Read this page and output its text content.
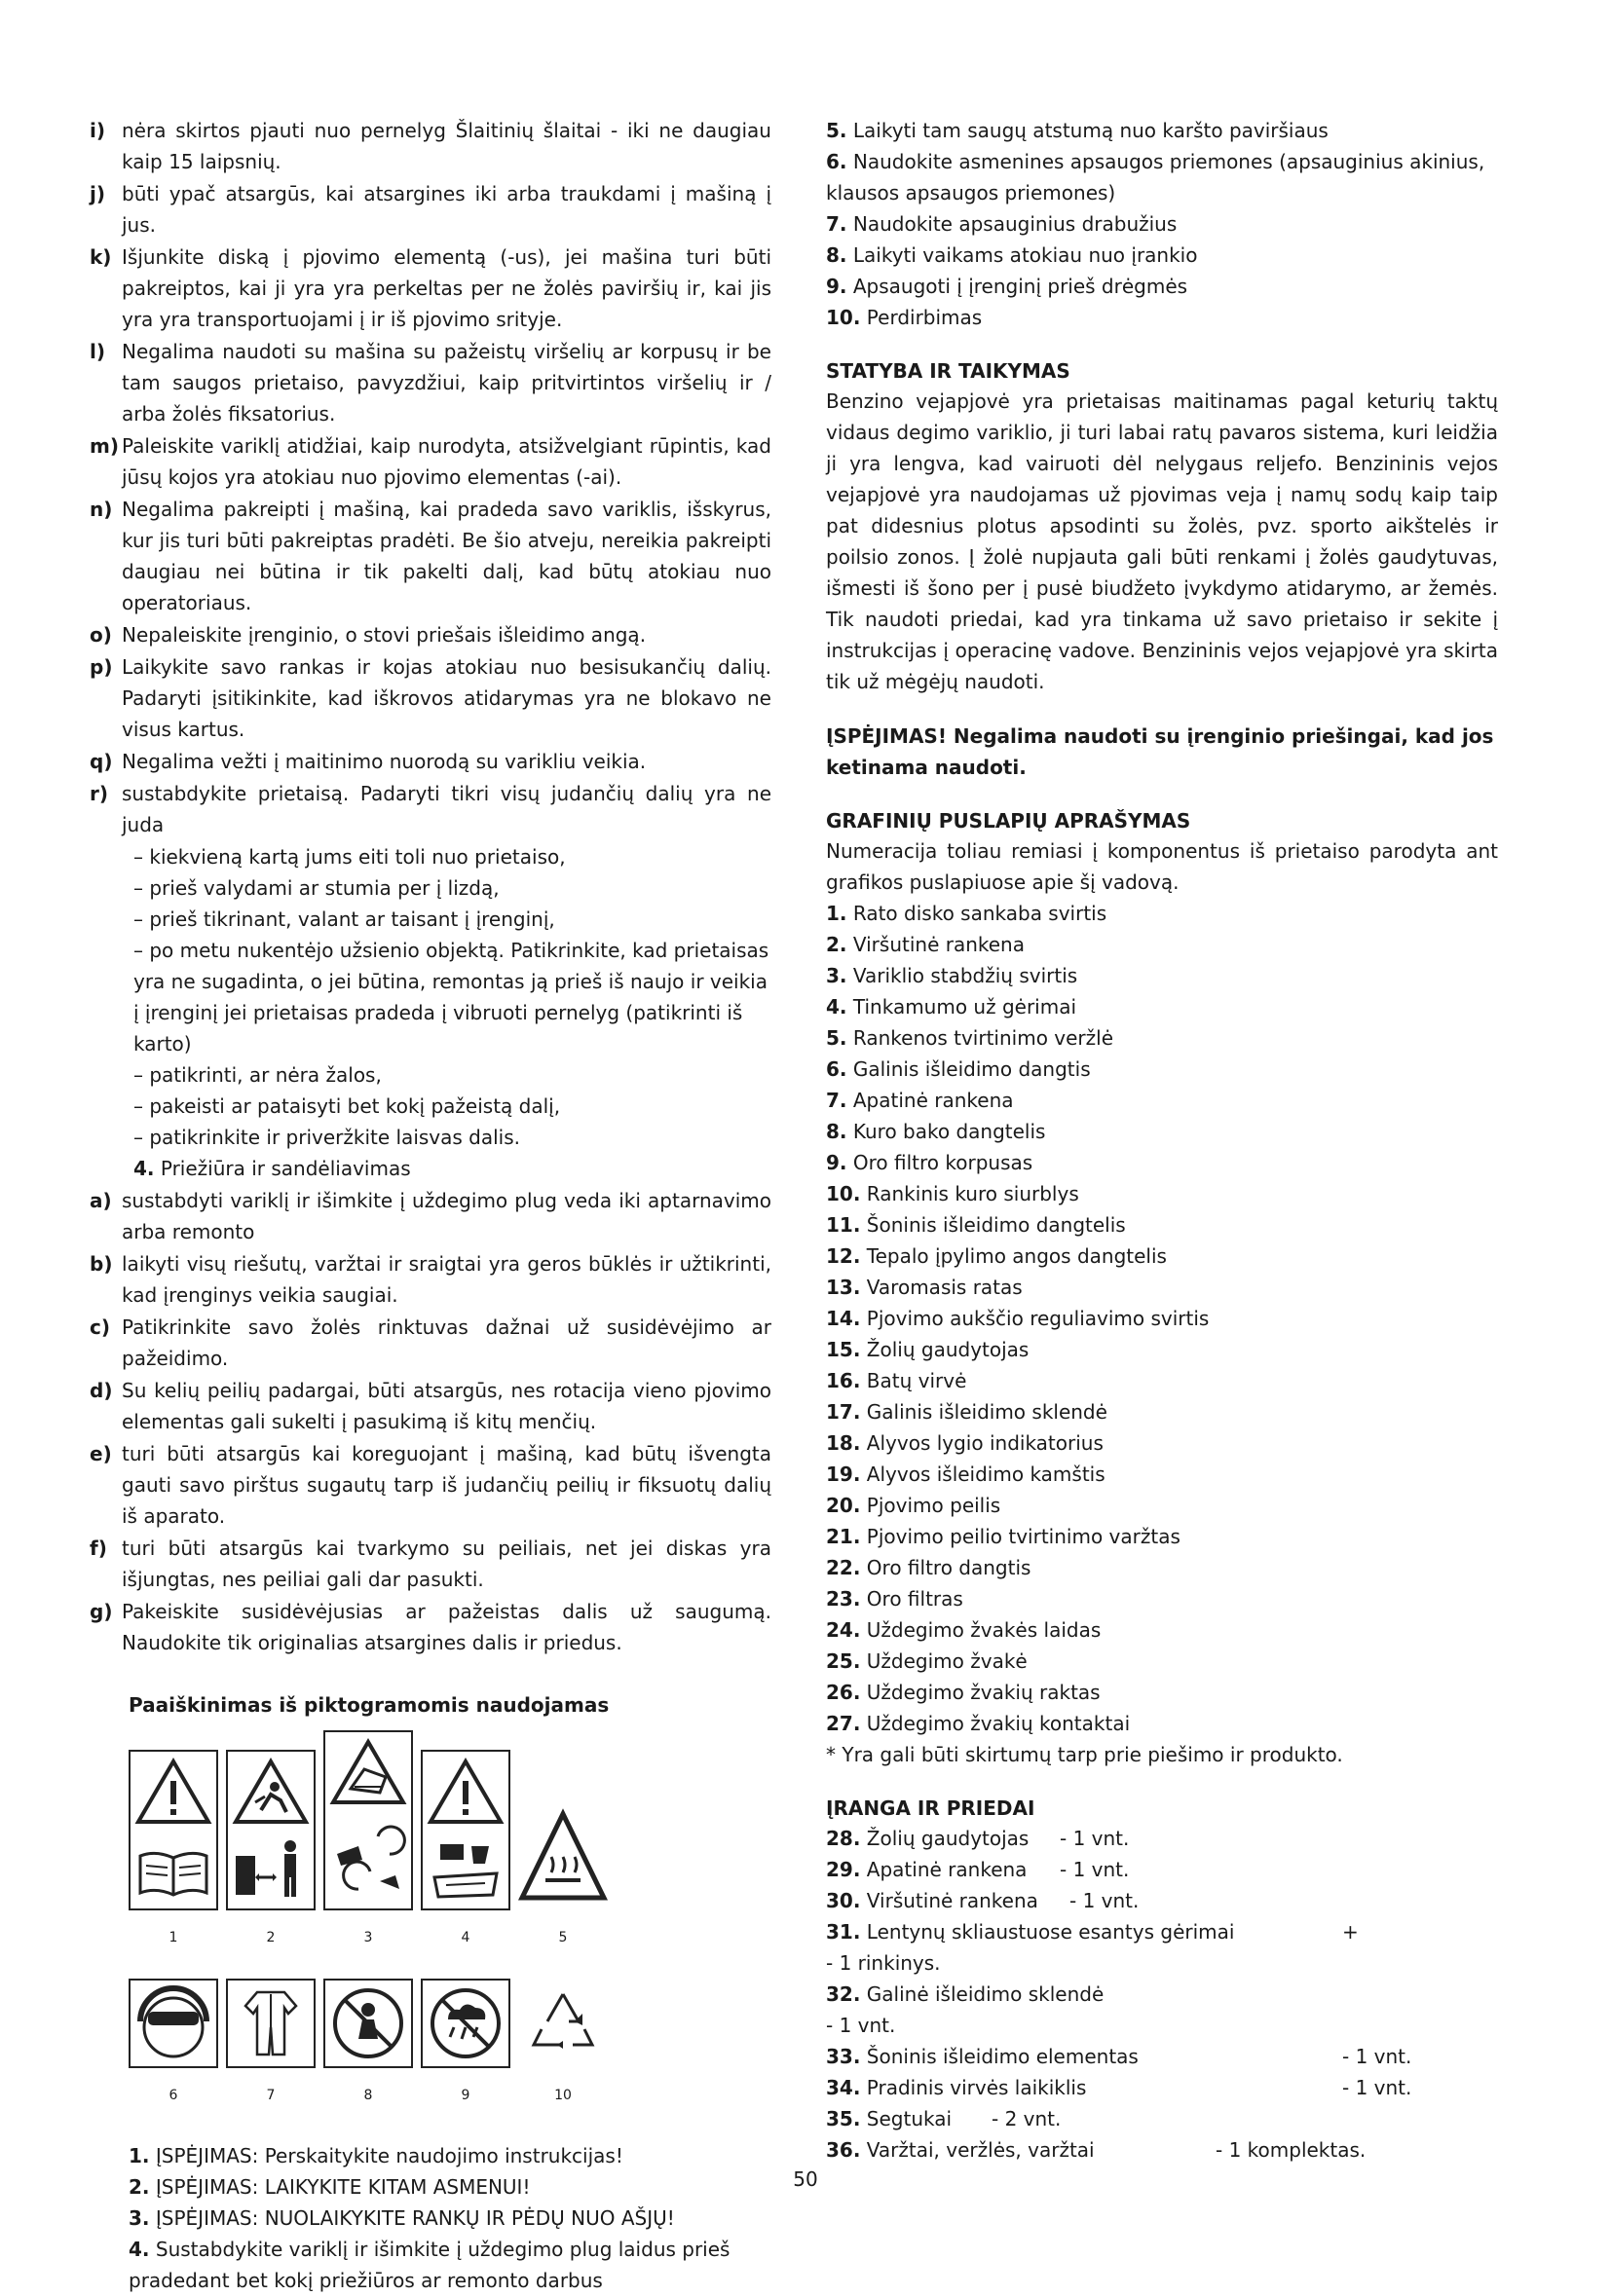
i) nėra skirtos pjauti nuo pernelyg Šlaitinių šlaitai - iki ne daugiau kaip 15 laipsnių.
j) būti ypač atsargūs, kai atsargines iki arba traukdami į mašiną į jus.
k) Išjunkite diską į pjovimo elementą (-us), jei mašina turi būti pakreiptos, kai ji yra yra perkeltas per ne žolės paviršių ir, kai jis yra yra transportuojami į ir iš pjovimo srityje.
l) Negalima naudoti su mašina su pažeistų viršelių ar korpusų ir be tam saugos prietaiso, pavyzdžiui, kaip pritvirtintos viršelių ir / arba žolės fiksatorius.
m) Paleiskite variklį atidžiai, kaip nurodyta, atsižvelgiant rūpintis, kad jūsų kojos yra atokiau nuo pjovimo elementas (-ai).
n) Negalima pakreipti į mašiną, kai pradeda savo variklis, išskyrus, kur jis turi būti pakreiptas pradėti. Be šio atveju, nereikia pakreipti daugiau nei būtina ir tik pakelti dalį, kad būtų atokiau nuo operatoriaus.
o) Nepaleiskite įrenginio, o stovi priešais išleidimo angą.
p) Laikykite savo rankas ir kojas atokiau nuo besisukančių dalių. Padaryti įsitikinkite, kad iškrovos atidarymas yra ne blokavo ne visus kartus.
q) Negalima vežti į maitinimo nuorodą su varikliu veikia.
r) sustabdykite prietaisą. Padaryti tikri visų judančių dalių yra ne juda
– kiekvieną kartą jums eiti toli nuo prietaiso,
– prieš valydami ar stumia per į lizdą,
– prieš tikrinant, valant ar taisant į įrenginį,
– po metu nukentėjo užsienio objektą. Patikrinkite, kad prietaisas yra ne sugadinta, o jei būtina, remontas ją prieš iš naujo ir veikia į įrenginį jei prietaisas pradeda į vibruoti pernelyg (patikrinti iš karto)
– patikrinti, ar nėra žalos,
– pakeisti ar pataisyti bet kokį pažeistą dalį,
– patikrinkite ir priveržkite laisvas dalis.
4. Priežiūra ir sandėliavimas
a) sustabdyti variklį ir išimkite į uždegimo plug veda iki aptarnavimo arba remonto
b) laikyti visų riešutų, varžtai ir sraigtai yra geros būklės ir užtikrinti, kad įrenginys veikia saugiai.
c) Patikrinkite savo žolės rinktuvas dažnai už susidėvėjimo ar pažeidimo.
d) Su kelių peilių padargai, būti atsargūs, nes rotacija vieno pjovimo elementas gali sukelti į pasukimą iš kitų menčių.
e) turi būti atsargūs kai koreguojant į mašiną, kad būtų išvengta gauti savo pirštus sugautų tarp iš judančių peilių ir fiksuotų dalių iš aparato.
f) turi būti atsargūs kai tvarkymo su peiliais, net jei diskas yra išjungtas, nes peiliai gali dar pasukti.
g) Pakeiskite susidėvėjusias ar pažeistas dalis už saugumą. Naudokite tik originalias atsargines dalis ir priedus.
Paaiškinimas iš piktogramomis naudojamas
1	2	3	4	5
6	7	8	9	10
1. ĮSPĖJIMAS: Perskaitykite naudojimo instrukcijas!
2. ĮSPĖJIMAS: LAIKYKITE KITAM ASMENUI!
3. ĮSPĖJIMAS: NUOLAIKYKITE RANKŲ IR PĖDŲ NUO AŠJŲ!
4. Sustabdykite variklį ir išimkite į uždegimo plug laidus prieš pradedant bet kokį priežiūros ar remonto darbus
5. Laikyti tam saugų atstumą nuo karšto paviršiaus
6. Naudokite asmenines apsaugos priemones (apsauginius akinius, klausos apsaugos priemones)
7. Naudokite apsauginius drabužius
8. Laikyti vaikams atokiau nuo įrankio
9. Apsaugoti į įrenginį prieš drėgmės
10. Perdirbimas
STATYBA IR TAIKYMAS
Benzino vejapjovė yra prietaisas maitinamas pagal keturių taktų vidaus degimo variklio, ji turi labai ratų pavaros sistema, kuri leidžia ji yra lengva, kad vairuoti dėl nelygaus reljefo. Benzininis vejos vejapjovė yra naudojamas už pjovimas veja į namų sodų kaip taip pat didesnius plotus apsodinti su žolės, pvz. sporto aikštelės ir poilsio zonos. Į žolė nupjauta gali būti renkami į žolės gaudytuvas, išmesti iš šono per į pusė biudžeto įvykdymo atidarymo, ar žemės. Tik naudoti priedai, kad yra tinkama už savo prietaiso ir sekite į instrukcijas į operacinę vadove. Benzininis vejos vejapjovė yra skirta tik už mėgėjų naudoti.
ĮSPĖJIMAS! Negalima naudoti su įrenginio priešingai, kad jos ketinama naudoti.
GRAFINIŲ PUSLAPIŲ APRAŠYMAS
Numeracija toliau remiasi į komponentus iš prietaiso parodyta ant grafikos puslapiuose apie šį vadovą.
1. Rato disko sankaba svirtis
2. Viršutinė rankena
3. Variklio stabdžių svirtis
4. Tinkamumo už gėrimai
5. Rankenos tvirtinimo veržlė
6. Galinis išleidimo dangtis
7. Apatinė rankena
8. Kuro bako dangtelis
9. Oro filtro korpusas
10. Rankinis kuro siurblys
11. Šoninis išleidimo dangtelis
12. Tepalo įpylimo angos dangtelis
13. Varomasis ratas
14. Pjovimo aukščio reguliavimo svirtis
15. Žolių gaudytojas
16. Batų virvė
17. Galinis išleidimo sklendė
18. Alyvos lygio indikatorius
19. Alyvos išleidimo kamštis
20. Pjovimo peilis
21. Pjovimo peilio tvirtinimo varžtas
22. Oro filtro dangtis
23. Oro filtras
24. Uždegimo žvakės laidas
25. Uždegimo žvakė
26. Uždegimo žvakių raktas
27. Uždegimo žvakių kontaktai
* Yra gali būti skirtumų tarp prie piešimo ir produkto.
ĮRANGA IR PRIEDAI
28. Žolių gaudytojas - 1 vnt.
29. Apatinė rankena - 1 vnt.
30. Viršutinė rankena - 1 vnt.
31. Lentynų skliaustuose esantys gėrimai	+
- 1 rinkinys.
32. Galinė išleidimo sklendė
- 1 vnt.
33. Šoninis išleidimo elementas	- 1 vnt.
34. Pradinis virvės laikiklis	- 1 vnt.
35. Segtukai - 2 vnt.
36. Varžtai, veržlės, varžtai	- 1 komplektas.
50
